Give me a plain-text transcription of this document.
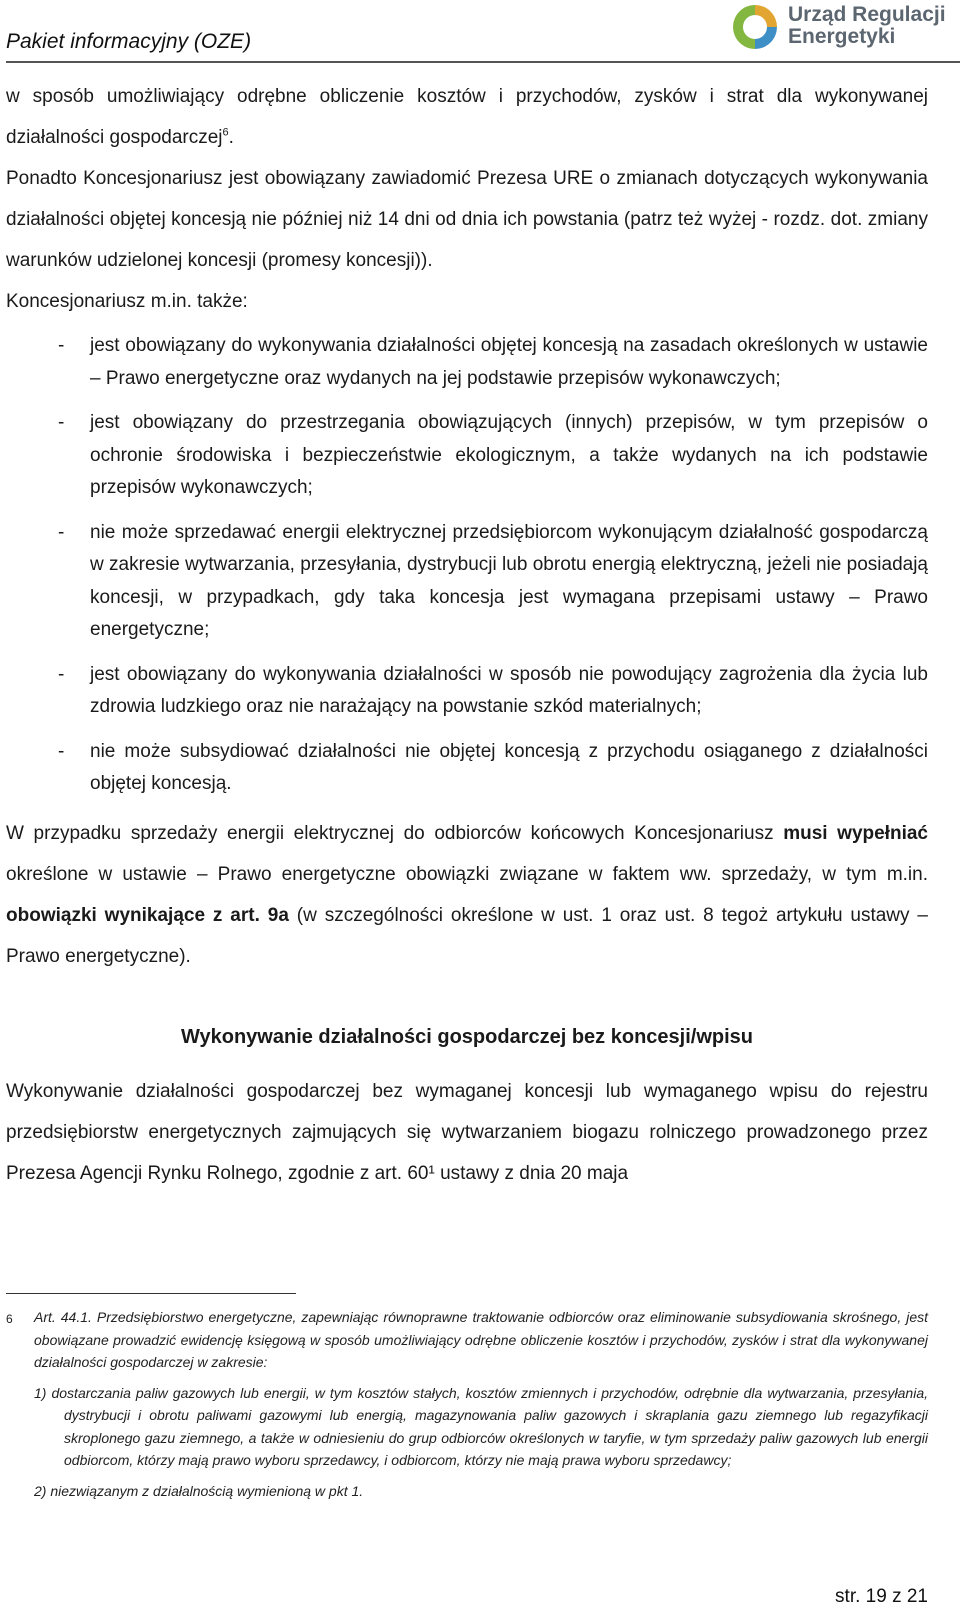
Pakiet informacyjny (OZE)
Urząd Regulacji
Energetyki

w sposób umożliwiający odrębne obliczenie kosztów i przychodów, zysków i strat dla wykonywanej działalności gospodarczej$^6$.

Ponadto Koncesjonariusz jest obowiązany zawiadomić Prezesa URE o zmianach dotyczących wykonywania działalności objętej koncesją nie później niż 14 dni od dnia ich powstania (patrz też wyżej - rozdz. dot. zmiany warunków udzielonej koncesji (promesy koncesji)).

Koncesjonariusz m.in. także:

- jest obowiązany do wykonywania działalności objętej koncesją na zasadach określonych w ustawie – Prawo energetyczne oraz wydanych na jej podstawie przepisów wykonawczych;
- jest obowiązany do przestrzegania obowiązujących (innych) przepisów, w tym przepisów o ochronie środowiska i bezpieczeństwie ekologicznym, a także wydanych na ich podstawie przepisów wykonawczych;
- nie może sprzedawać energii elektrycznej przedsiębiorcom wykonującym działalność gospodarczą w zakresie wytwarzania, przesyłania, dystrybucji lub obrotu energią elektryczną, jeżeli nie posiadają koncesji, w przypadkach, gdy taka koncesja jest wymagana przepisami ustawy – Prawo energetyczne;
- jest obowiązany do wykonywania działalności w sposób nie powodujący zagrożenia dla życia lub zdrowia ludzkiego oraz nie narażający na powstanie szkód materialnych;
- nie może subsydiować działalności nie objętej koncesją z przychodu osiąganego z działalności objętej koncesją.

W przypadku sprzedaży energii elektrycznej do odbiorców końcowych Koncesjonariusz musi wypełniać określone w ustawie – Prawo energetyczne obowiązki związane w faktem ww. sprzedaży, w tym m.in. obowiązki wynikające z art. 9a (w szczególności określone w ust. 1 oraz ust. 8 tegoż artykułu ustawy – Prawo energetyczne).

Wykonywanie działalności gospodarczej bez koncesji/wpisu

Wykonywanie działalności gospodarczej bez wymaganej koncesji lub wymaganego wpisu do rejestru przedsiębiorstw energetycznych zajmujących się wytwarzaniem biogazu rolniczego prowadzonego przez Prezesa Agencji Rynku Rolnego, zgodnie z art. 60¹ ustawy z dnia 20 maja

6 Art. 44.1. Przedsiębiorstwo energetyczne, zapewniając równoprawne traktowanie odbiorców oraz eliminowanie subsydiowania skrośnego, jest obowiązane prowadzić ewidencję księgową w sposób umożliwiający odrębne obliczenie kosztów i przychodów, zysków i strat dla wykonywanej działalności gospodarczej w zakresie:
1) dostarczania paliw gazowych lub energii, w tym kosztów stałych, kosztów zmiennych i przychodów, odrębnie dla wytwarzania, przesyłania, dystrybucji i obrotu paliwami gazowymi lub energią, magazynowania paliw gazowych i skraplania gazu ziemnego lub regazyfikacji skroplonego gazu ziemnego, a także w odniesieniu do grup odbiorców określonych w taryfie, w tym sprzedaży paliw gazowych lub energii odbiorcom, którzy mają prawo wyboru sprzedawcy, i odbiorcom, którzy nie mają prawa wyboru sprzedawcy;
2) niezwiązanym z działalnością wymienioną w pkt 1.
str. 19 z 21
